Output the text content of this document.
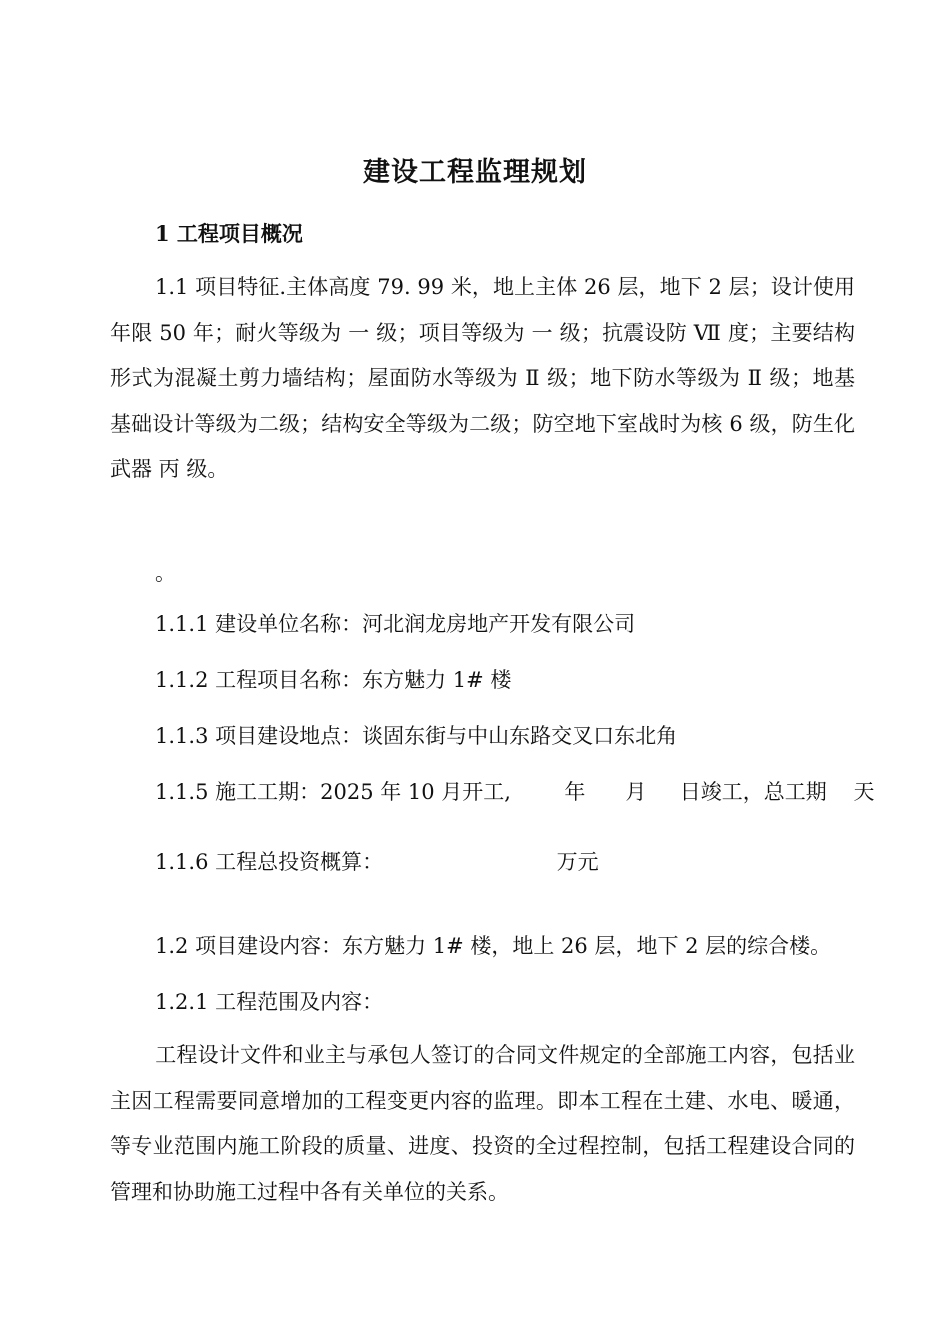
建设工程监理规划
1 工程项目概况

1.1 项目特征.主体高度 79. 99 米，地上主体 26 层，地下 2 层；设计使用年限 50 年；耐火等级为 一 级；项目等级为 一 级；抗震设防 Ⅶ 度；主要结构形式为混凝土剪力墙结构；屋面防水等级为 Ⅱ 级；地下防水等级为 Ⅱ 级；地基基础设计等级为二级；结构安全等级为二级；防空地下室战时为核 6 级，防生化武器 丙 级。

。
1.1.1 建设单位名称：河北润龙房地产开发有限公司
1.1.2 工程项目名称：东方魅力 1# 楼
1.1.3 项目建设地点：谈固东街与中山东路交叉口东北角
1.1.5 施工工期：2025 年 10 月开工,        年      月     日竣工，总工期    天
1.1.6 工程总投资概算：                          万元
1.2 项目建设内容：东方魅力 1# 楼，地上 26 层，地下 2 层的综合楼。
1.2.1 工程范围及内容：

工程设计文件和业主与承包人签订的合同文件规定的全部施工内容，包括业主因工程需要同意增加的工程变更内容的监理。即本工程在土建、水电、暖通，等专业范围内施工阶段的质量、进度、投资的全过程控制，包括工程建设合同的管理和协助施工过程中各有关单位的关系。
